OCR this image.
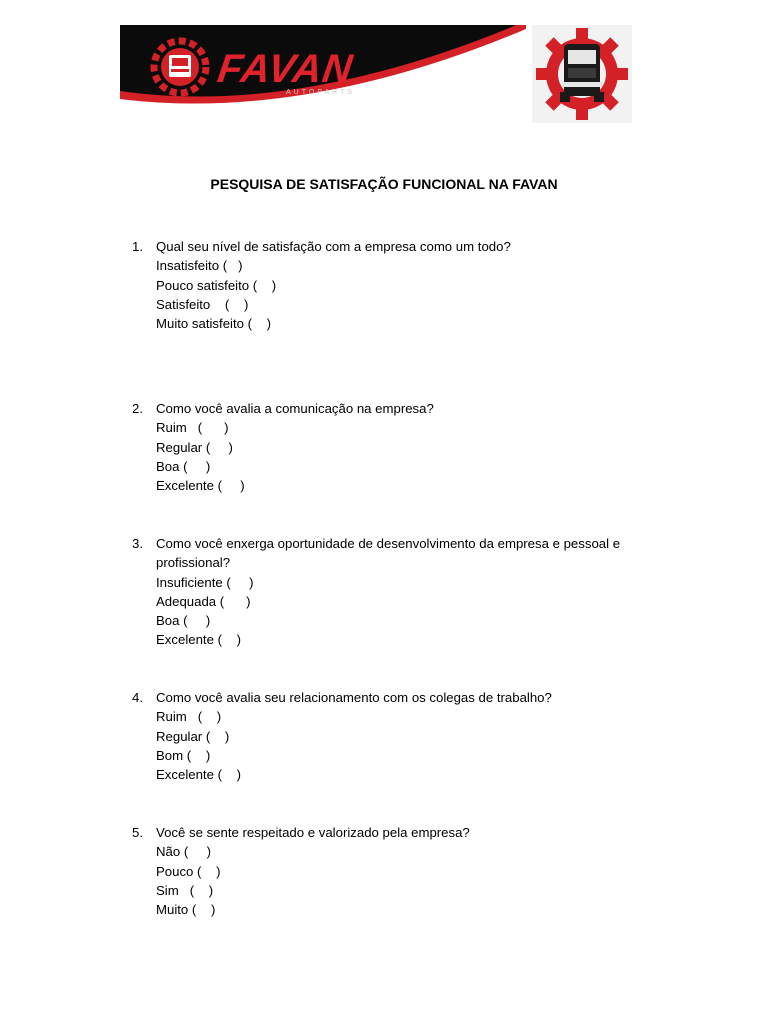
FAVAN
AUTOPARTS
PESQUISA DE SATISFAÇÃO FUNCIONAL NA FAVAN
1. Qual seu nível de satisfação com a empresa como um todo?
Insatisfeito (   )
Pouco satisfeito (    )
Satisfeito    (    )
Muito satisfeito (    )
2. Como você avalia a comunicação na empresa?
Ruim   (      )
Regular (     )
Boa (     )
Excelente (     )
3. Como você enxerga oportunidade de desenvolvimento da empresa e pessoal e profissional?
Insuficiente (     )
Adequada (      )
Boa (     )
Excelente (    )
4. Como você avalia seu relacionamento com os colegas de trabalho?
Ruim   (    )
Regular (    )
Bom (    )
Excelente (    )
5. Você se sente respeitado e valorizado pela empresa?
Não (     )
Pouco (    )
Sim   (    )
Muito (    )
